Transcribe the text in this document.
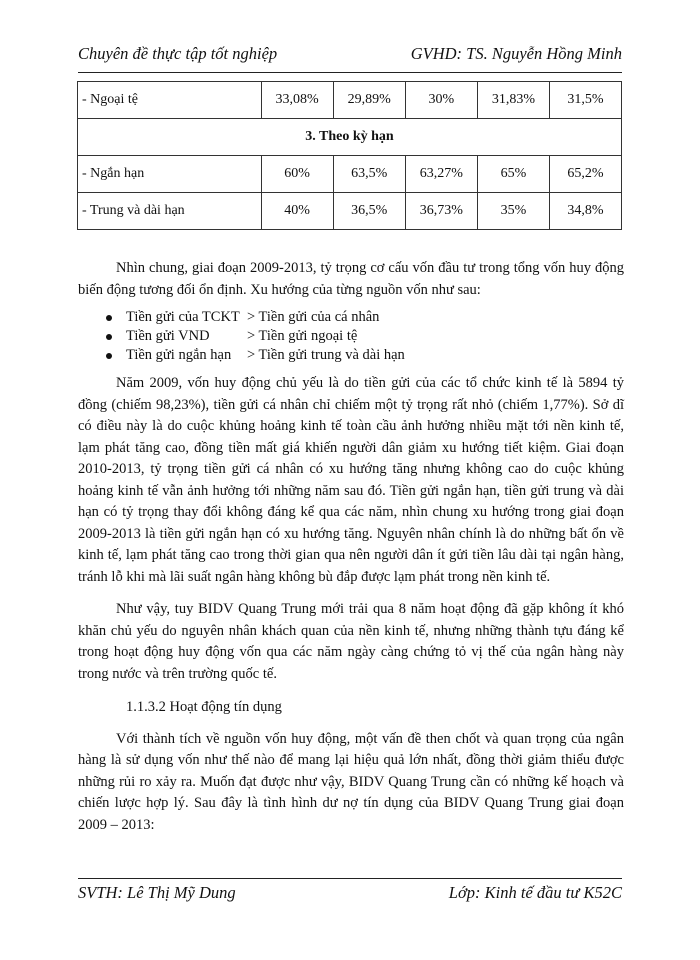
Chuyên đề thực tập tốt nghiệp	GVHD: TS. Nguyễn Hồng Minh
- Ngoại tệ	33,08%	29,89%	30%	31,83%	31,5%
3. Theo kỳ hạn					
- Ngắn hạn	60%	63,5%	63,27%	65%	65,2%
- Trung và dài hạn	40%	36,5%	36,73%	35%	34,8%

Nhìn chung, giai đoạn 2009-2013, tỷ trọng cơ cấu vốn đầu tư trong tổng vốn huy động biến động tương đối ổn định. Xu hướng của từng nguồn vốn như sau:

Tiền gửi của TCKT > Tiền gửi của cá nhân
Tiền gửi VND	> Tiền gửi ngoại tệ
Tiền gửi ngắn hạn	> Tiền gửi trung và dài hạn

Năm 2009, vốn huy động chủ yếu là do tiền gửi của các tổ chức kinh tế là 5894 tỷ đồng (chiếm 98,23%), tiền gửi cá nhân chỉ chiếm một tỷ trọng rất nhỏ (chiếm 1,77%). Sở dĩ có điều này là do cuộc khủng hoảng kinh tế toàn cầu ảnh hưởng nhiều mặt tới nền kinh tế, lạm phát tăng cao, đồng tiền mất giá khiến người dân giảm xu hướng tiết kiệm. Giai đoạn 2010-2013, tỷ trọng tiền gửi cá nhân có xu hướng tăng nhưng không cao do cuộc khủng hoảng kinh tế vẫn ảnh hưởng tới những năm sau đó. Tiền gửi ngắn hạn, tiền gửi trung và dài hạn có tỷ trọng thay đổi không đáng kể qua các năm, nhìn chung xu hướng trong giai đoạn 2009-2013 là tiền gửi ngắn hạn có xu hướng tăng. Nguyên nhân chính là do những bất ổn về kinh tế, lạm phát tăng cao trong thời gian qua nên người dân ít gửi tiền lâu dài tại ngân hàng, tránh lỗ khi mà lãi suất ngân hàng không bù đắp được lạm phát trong nền kinh tế.

Như vậy, tuy BIDV Quang Trung mới trải qua 8 năm hoạt động đã gặp không ít khó khăn chủ yếu do nguyên nhân khách quan của nền kinh tế, nhưng những thành tựu đáng kể trong hoạt động huy động vốn qua các năm ngày càng chứng tỏ vị thế của ngân hàng này trong nước và trên trường quốc tế.

1.1.3.2 Hoạt động tín dụng

Với thành tích về nguồn vốn huy động, một vấn đề then chốt và quan trọng của ngân hàng là sử dụng vốn như thế nào để mang lại hiệu quả lớn nhất, đồng thời giảm thiểu được những rủi ro xảy ra. Muốn đạt được như vậy, BIDV Quang Trung cần có những kế hoạch và chiến lược hợp lý. Sau đây là tình hình dư nợ tín dụng của BIDV Quang Trung giai đoạn 2009 – 2013:

SVTH: Lê Thị Mỹ Dung	Lớp: Kinh tế đầu tư K52C
